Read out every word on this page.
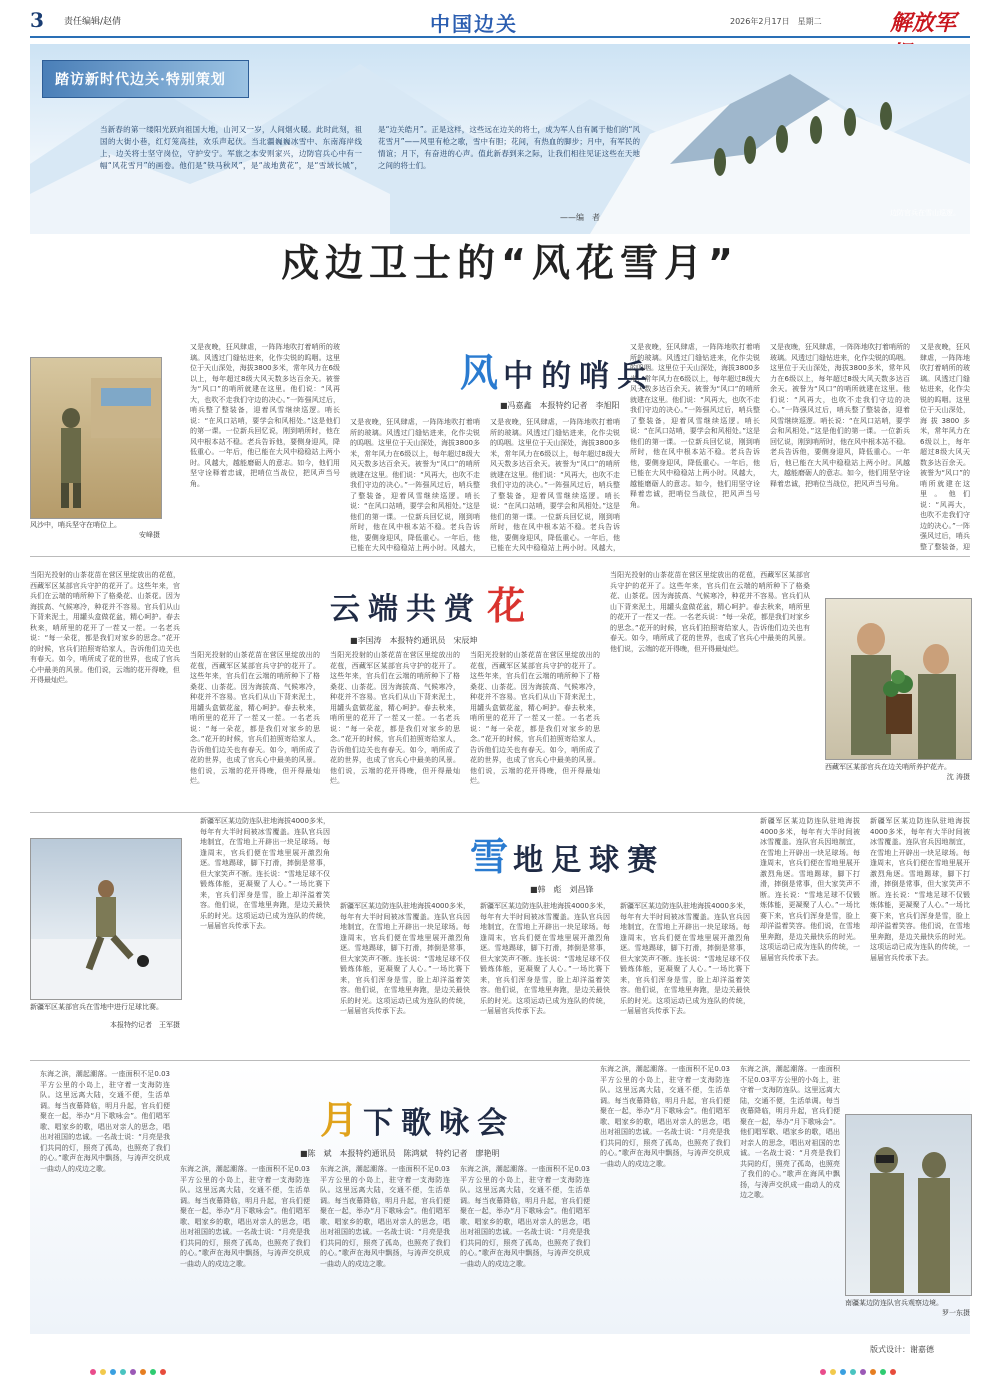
3 责任编辑/赵倩	中国边关	2026年2月17日　星期二	解放军
踏访新时代边关·特别策划
当新春的第一缕阳光跃向祖国大地，山河又一岁，人间烟火暖。此时此刻，祖国的大街小巷，红灯笼高挂，欢乐声起伏。当北疆巍巍冰雪中、东南海岸线上，边关将士坚守岗位，守护安宁。军旅之本安则家兴，边防官兵心中有一幅“风花雪月”的画卷。他们是“铁马秋风”，是“战地黄花”，是“雪域长城”，是“边关皓月”。正是这样，这些远在边关的将士，成为军人自有属于他们的“风花雪月”——风里有枪之歌，雪中有胆；花间，有热血的脚步；月中，有军民的情谊；月下，有奋进的心声。值此新春到来之际，让我们相往见证这些在天地之间的将士们。
——编　者	边防官兵在雪山巡逻。
戍边卫士的“风花雪月”
风沙中，哨兵坚守在哨位上。
安峰摄
又是夜晚，狂风肆虐，一阵阵地吹打着哨所的玻璃。风透过门缝钻进来，化作尖锐的呜咽。这里位于天山深处，海拔3800多米，常年风力在6级以上，每年超过8级大风天数多达百余天。被誉为“风口”的哨所就建在这里。他们说：“风再大，也吹不走我们守边的决心。”一阵强风过后，哨兵整了整装备，迎着风雪继续巡逻。哨长说：“在风口站哨，要学会和风相处。”这是他们的第一课。一位新兵回忆说，刚到哨所时，他在风中根本站不稳。老兵告诉他，要侧身迎风，降低重心。一年后，他已能在大风中稳稳站上两小时。风越大，越能磨砺人的意志。如今，他们用坚守诠释着忠诚，把哨位当战位，把风声当号角。
风 中的哨兵
■冯嘉鑫　本报特约记者　李旭阳
又是夜晚，狂风肆虐，一阵阵地吹打着哨所的玻璃。风透过门缝钻进来，化作尖锐的呜咽。这里位于天山深处，海拔3800多米，常年风力在6级以上，每年超过8级大风天数多达百余天。被誉为“风口”的哨所就建在这里。他们说：“风再大，也吹不走我们守边的决心。”一阵强风过后，哨兵整了整装备，迎着风雪继续巡逻。哨长说：“在风口站哨，要学会和风相处。”这是他们的第一课。一位新兵回忆说，刚到哨所时，他在风中根本站不稳。老兵告诉他，要侧身迎风，降低重心。一年后，他已能在大风中稳稳站上两小时。风越大，
又是夜晚，狂风肆虐，一阵阵地吹打着哨所的玻璃。风透过门缝钻进来，化作尖锐的呜咽。这里位于天山深处，海拔3800多米，常年风力在6级以上，每年超过8级大风天数多达百余天。被誉为“风口”的哨所就建在这里。他们说：“风再大，也吹不走我们守边的决心。”一阵强风过后，哨兵整了整装备，迎着风雪继续巡逻。哨长说：“在风口站哨，要学会和风相处。”这是他们的第一课。一位新兵回忆说，刚到哨所时，他在风中根本站不稳。老兵告诉他，要侧身迎风，降低重心。一年后，他已能在大风中稳稳站上两小时。风越大，
又是夜晚，狂风肆虐，一阵阵地吹打着哨所的玻璃。风透过门缝钻进来，化作尖锐的呜咽。这里位于天山深处，海拔3800多米，常年风力在6级以上，每年超过8级大风天数多达百余天。被誉为“风口”的哨所就建在这里。他们说：“风再大，也吹不走我们守边的决心。”一阵强风过后，哨兵整了整装备，迎着风雪继续巡逻。哨长说：“在风口站哨，要学会和风相处。”这是他们的第一课。一位新兵回忆说，刚到哨所时，他在风中根本站不稳。老兵告诉他，要侧身迎风，降低重心。一年后，他已能在大风中稳稳站上两小时。风越大，越能磨砺人的意志。如今，他们用坚守诠释着忠诚，把哨位当战位，把风声当号角。
又是夜晚，狂风肆虐，一阵阵地吹打着哨所的玻璃。风透过门缝钻进来，化作尖锐的呜咽。这里位于天山深处，海拔3800多米，常年风力在6级以上，每年超过8级大风天数多达百余天。被誉为“风口”的哨所就建在这里。他们说：“风再大，也吹不走我们守边的决心。”一阵强风过后，哨兵整了整装备，迎着风雪继续巡逻。哨长说：“在风口站哨，要学会和风相处。”这是他们的第一课。一位新兵回忆说，刚到哨所时，他在风中根本站不稳。老兵告诉他，要侧身迎风，降低重心。一年后，他已能在大风中稳稳站上两小时。风越大，越能磨砺人的意志。如今，他们用坚守诠释着忠诚，把哨位当战位，把风声当号角。
又是夜晚，狂风肆虐，一阵阵地吹打着哨所的玻璃。风透过门缝钻进来，化作尖锐的呜咽。这里位于天山深处，海拔3800多米，常年风力在6级以上，每年超过8级大风天数多达百余天。被誉为“风口”的哨所就建在这里。他们说：“风再大，也吹不走我们守边的决心。”一阵强风过后，哨兵整了整装备，迎
当阳光投射的山茶花苗在营区里绽放出的花苞，西藏军区某部官兵守护的花开了。这些年来，官兵们在云端的哨所种下了格桑花、山茶花。因为海拔高、气候寒冷，种花并不容易。官兵们从山下背来泥土，用罐头盒做花盆，精心呵护。春去秋来，哨所里的花开了一茬又一茬。一名老兵说：“每一朵花，都是我们对家乡的思念。”花开的时候，官兵们拍照寄给家人，告诉他们边关也有春天。如今，哨所成了花的世界，也成了官兵心中最美的风景。他们说，云端的花开得晚，但开得最灿烂。
云端共赏 花
■李国涛　本报特约通讯员　宋辰坤
当阳光投射的山茶花苗在营区里绽放出的花苞，西藏军区某部官兵守护的花开了。这些年来，官兵们在云端的哨所种下了格桑花、山茶花。因为海拔高、气候寒冷，种花并不容易。官兵们从山下背来泥土，用罐头盒做花盆，精心呵护。春去秋来，哨所里的花开了一茬又一茬。一名老兵说：“每一朵花，都是我们对家乡的思念。”花开的时候，官兵们拍照寄给家人，告诉他们边关也有春天。如今，哨所成了花的世界，也成了官兵心中最美的风景。他们说，云端的花开得晚，但开得最灿烂。
当阳光投射的山茶花苗在营区里绽放出的花苞，西藏军区某部官兵守护的花开了。这些年来，官兵们在云端的哨所种下了格桑花、山茶花。因为海拔高、气候寒冷，种花并不容易。官兵们从山下背来泥土，用罐头盒做花盆，精心呵护。春去秋来，哨所里的花开了一茬又一茬。一名老兵说：“每一朵花，都是我们对家乡的思念。”花开的时候，官兵们拍照寄给家人，告诉他们边关也有春天。如今，哨所成了花的世界，也成了官兵心中最美的风景。他们说，云端的花开得晚，但开得最灿烂。
当阳光投射的山茶花苗在营区里绽放出的花苞，西藏军区某部官兵守护的花开了。这些年来，官兵们在云端的哨所种下了格桑花、山茶花。因为海拔高、气候寒冷，种花并不容易。官兵们从山下背来泥土，用罐头盒做花盆，精心呵护。春去秋来，哨所里的花开了一茬又一茬。一名老兵说：“每一朵花，都是我们对家乡的思念。”花开的时候，官兵们拍照寄给家人，告诉他们边关也有春天。如今，哨所成了花的世界，也成了官兵心中最美的风景。他们说，云端的花开得晚，但开得最灿烂。
当阳光投射的山茶花苗在营区里绽放出的花苞，西藏军区某部官兵守护的花开了。这些年来，官兵们在云端的哨所种下了格桑花、山茶花。因为海拔高、气候寒冷，种花并不容易。官兵们从山下背来泥土，用罐头盒做花盆，精心呵护。春去秋来，哨所里的花开了一茬又一茬。一名老兵说：“每一朵花，都是我们对家乡的思念。”花开的时候，官兵们拍照寄给家人，告诉他们边关也有春天。如今，哨所成了花的世界，也成了官兵心中最美的风景。他们说，云端的花开得晚，但开得最灿烂。
西藏军区某部官兵在边关哨所养护花卉。
沈 涛摄
新疆军区某部官兵在雪地中进行足球比赛。
本报特约记者　王军摄
新疆军区某边防连队驻地海拔4000多米，每年有大半时间被冰雪覆盖。连队官兵因地制宜，在雪地上开辟出一块足球场。每逢周末，官兵们便在雪地里展开激烈角逐。雪地踢球，脚下打滑，摔倒是常事，但大家笑声不断。连长说：“雪地足球不仅锻炼体能，更凝聚了人心。”一场比赛下来，官兵们浑身是雪，脸上却洋溢着笑容。他们说，在雪地里奔跑，是边关最快乐的时光。这项运动已成为连队的传统，一届届官兵传承下去。
雪 地足球赛
■韩　彪　刘昌锋
新疆军区某边防连队驻地海拔4000多米，每年有大半时间被冰雪覆盖。连队官兵因地制宜，在雪地上开辟出一块足球场。每逢周末，官兵们便在雪地里展开激烈角逐。雪地踢球，脚下打滑，摔倒是常事，但大家笑声不断。连长说：“雪地足球不仅锻炼体能，更凝聚了人心。”一场比赛下来，官兵们浑身是雪，脸上却洋溢着笑容。他们说，在雪地里奔跑，是边关最快乐的时光。这项运动已成为连队的传统，一届届官兵传承下去。
新疆军区某边防连队驻地海拔4000多米，每年有大半时间被冰雪覆盖。连队官兵因地制宜，在雪地上开辟出一块足球场。每逢周末，官兵们便在雪地里展开激烈角逐。雪地踢球，脚下打滑，摔倒是常事，但大家笑声不断。连长说：“雪地足球不仅锻炼体能，更凝聚了人心。”一场比赛下来，官兵们浑身是雪，脸上却洋溢着笑容。他们说，在雪地里奔跑，是边关最快乐的时光。这项运动已成为连队的传统，一届届官兵传承下去。
新疆军区某边防连队驻地海拔4000多米，每年有大半时间被冰雪覆盖。连队官兵因地制宜，在雪地上开辟出一块足球场。每逢周末，官兵们便在雪地里展开激烈角逐。雪地踢球，脚下打滑，摔倒是常事，但大家笑声不断。连长说：“雪地足球不仅锻炼体能，更凝聚了人心。”一场比赛下来，官兵们浑身是雪，脸上却洋溢着笑容。他们说，在雪地里奔跑，是边关最快乐的时光。这项运动已成为连队的传统，一届届官兵传承下去。
新疆军区某边防连队驻地海拔4000多米，每年有大半时间被冰雪覆盖。连队官兵因地制宜，在雪地上开辟出一块足球场。每逢周末，官兵们便在雪地里展开激烈角逐。雪地踢球，脚下打滑，摔倒是常事，但大家笑声不断。连长说：“雪地足球不仅锻炼体能，更凝聚了人心。”一场比赛下来，官兵们浑身是雪，脸上却洋溢着笑容。他们说，在雪地里奔跑，是边关最快乐的时光。这项运动已成为连队的传统，一届届官兵传承下去。
新疆军区某边防连队驻地海拔4000多米，每年有大半时间被冰雪覆盖。连队官兵因地制宜，在雪地上开辟出一块足球场。每逢周末，官兵们便在雪地里展开激烈角逐。雪地踢球，脚下打滑，摔倒是常事，但大家笑声不断。连长说：“雪地足球不仅锻炼体能，更凝聚了人心。”一场比赛下来，官兵们浑身是雪，脸上却洋溢着笑容。他们说，在雪地里奔跑，是边关最快乐的时光。这项运动已成为连队的传统，一届届官兵传承下去。
东海之滨，潮起潮落。一座面积不足0.03平方公里的小岛上，驻守着一支海防连队。这里远离大陆，交通不便，生活单调。每当夜幕降临，明月升起，官兵们便聚在一起，举办“月下歌咏会”。他们唱军歌、唱家乡的歌，唱出对亲人的思念，唱出对祖国的忠诚。一名战士说：“月亮是我们共同的灯，照亮了孤岛，也照亮了我们的心。”歌声在海风中飘扬，与涛声交织成一曲动人的戍边之歌。
月 下歌咏会
■陈　斌　本报特约通讯员　陈鸿斌　特约记者　廖艳明
东海之滨，潮起潮落。一座面积不足0.03平方公里的小岛上，驻守着一支海防连队。这里远离大陆，交通不便，生活单调。每当夜幕降临，明月升起，官兵们便聚在一起，举办“月下歌咏会”。他们唱军歌、唱家乡的歌，唱出对亲人的思念，唱出对祖国的忠诚。一名战士说：“月亮是我们共同的灯，照亮了孤岛，也照亮了我们的心。”歌声在海风中飘扬，与涛声交织成一曲动人的戍边之歌。
东海之滨，潮起潮落。一座面积不足0.03平方公里的小岛上，驻守着一支海防连队。这里远离大陆，交通不便，生活单调。每当夜幕降临，明月升起，官兵们便聚在一起，举办“月下歌咏会”。他们唱军歌、唱家乡的歌，唱出对亲人的思念，唱出对祖国的忠诚。一名战士说：“月亮是我们共同的灯，照亮了孤岛，也照亮了我们的心。”歌声在海风中飘扬，与涛声交织成一曲动人的戍边之歌。
东海之滨，潮起潮落。一座面积不足0.03平方公里的小岛上，驻守着一支海防连队。这里远离大陆，交通不便，生活单调。每当夜幕降临，明月升起，官兵们便聚在一起，举办“月下歌咏会”。他们唱军歌、唱家乡的歌，唱出对亲人的思念，唱出对祖国的忠诚。一名战士说：“月亮是我们共同的灯，照亮了孤岛，也照亮了我们的心。”歌声在海风中飘扬，与涛声交织成一曲动人的戍边之歌。
东海之滨，潮起潮落。一座面积不足0.03平方公里的小岛上，驻守着一支海防连队。这里远离大陆，交通不便，生活单调。每当夜幕降临，明月升起，官兵们便聚在一起，举办“月下歌咏会”。他们唱军歌、唱家乡的歌，唱出对亲人的思念，唱出对祖国的忠诚。一名战士说：“月亮是我们共同的灯，照亮了孤岛，也照亮了我们的心。”歌声在海风中飘扬，与涛声交织成一曲动人的戍边之歌。
东海之滨，潮起潮落。一座面积不足0.03平方公里的小岛上，驻守着一支海防连队。这里远离大陆，交通不便，生活单调。每当夜幕降临，明月升起，官兵们便聚在一起，举办“月下歌咏会”。他们唱军歌、唱家乡的歌，唱出对亲人的思念，唱出对祖国的忠诚。一名战士说：“月亮是我们共同的灯，照亮了孤岛，也照亮了我们的心。”歌声在海风中飘扬，与涛声交织成一曲动人的戍边之歌。
南疆某边防连队官兵观察边境。
罗一东摄
版式设计：谢嘉德
